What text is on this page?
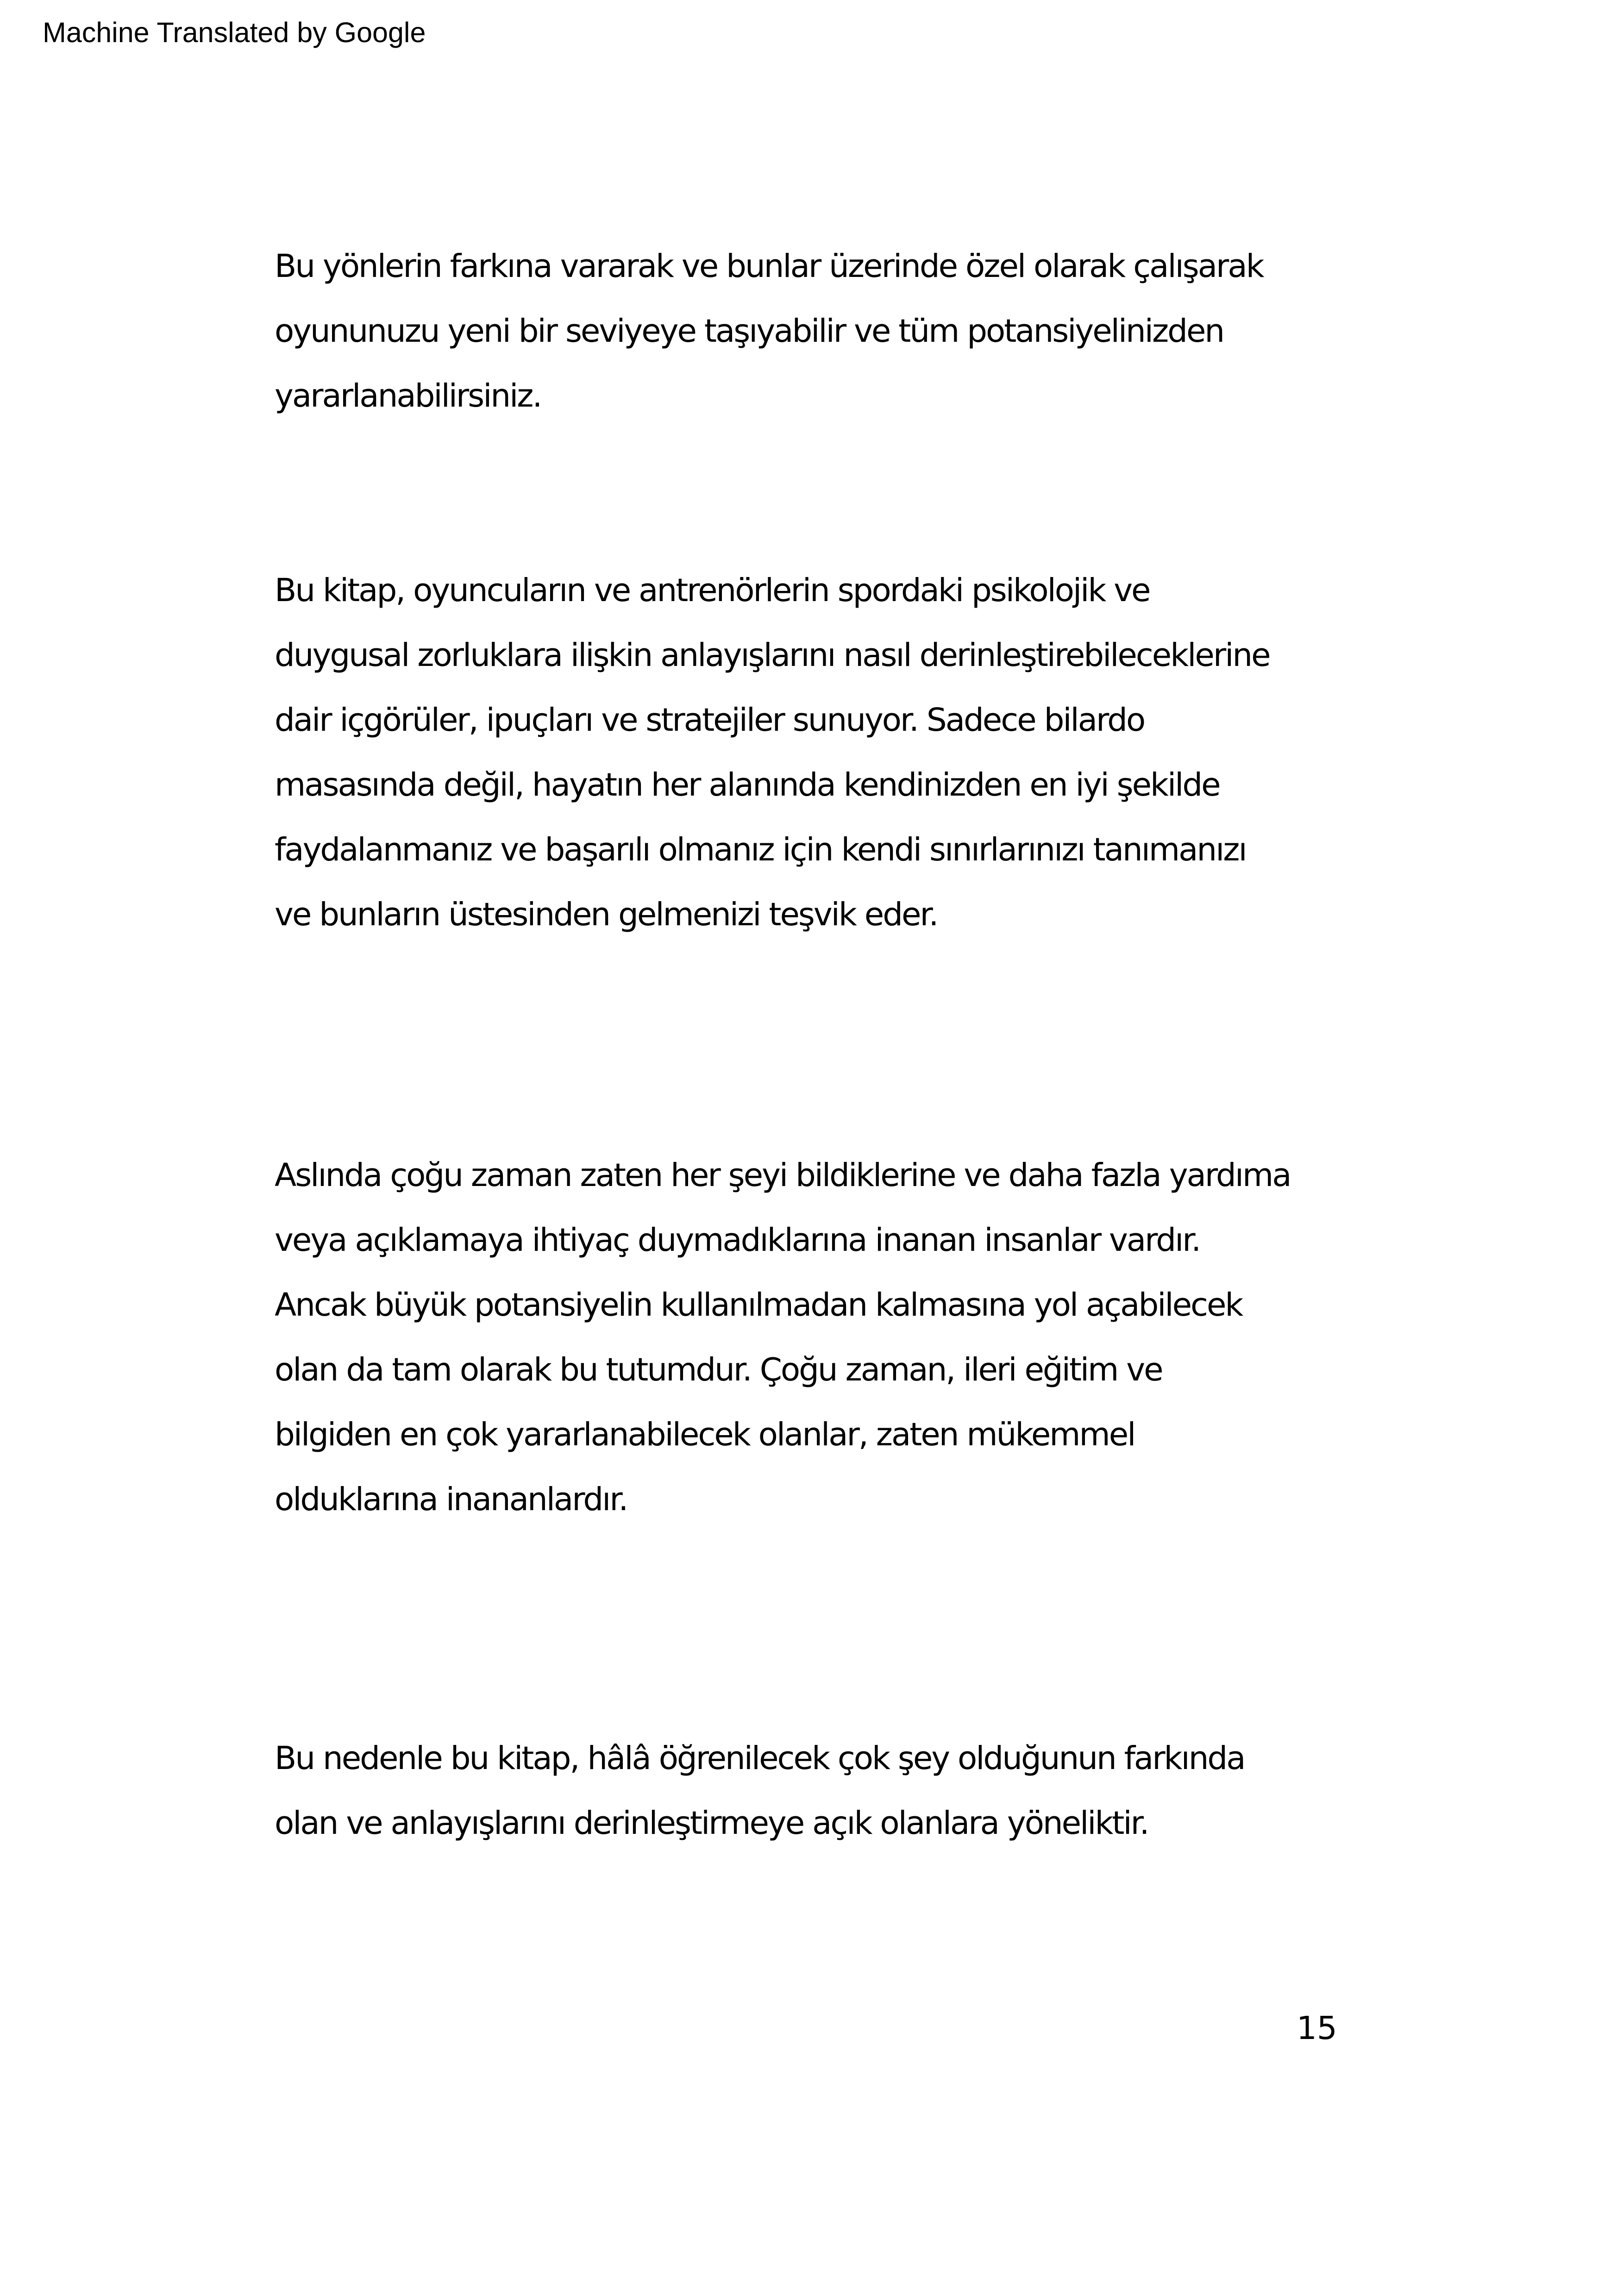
Machine Translated by Google

Bu yönlerin farkına vararak ve bunlar üzerinde özel olarak çalışarak
oyununuzu yeni bir seviyeye taşıyabilir ve tüm potansiyelinizden
yararlanabilirsiniz.

Bu kitap, oyuncuların ve antrenörlerin spordaki psikolojik ve
duygusal zorluklara ilişkin anlayışlarını nasıl derinleştirebileceklerine
dair içgörüler, ipuçları ve stratejiler sunuyor. Sadece bilardo
masasında değil, hayatın her alanında kendinizden en iyi şekilde
faydalanmanız ve başarılı olmanız için kendi sınırlarınızı tanımanızı
ve bunların üstesinden gelmenizi teşvik eder.

Aslında çoğu zaman zaten her şeyi bildiklerine ve daha fazla yardıma
veya açıklamaya ihtiyaç duymadıklarına inanan insanlar vardır.
Ancak büyük potansiyelin kullanılmadan kalmasına yol açabilecek
olan da tam olarak bu tutumdur. Çoğu zaman, ileri eğitim ve
bilgiden en çok yararlanabilecek olanlar, zaten mükemmel
olduklarına inananlardır.

Bu nedenle bu kitap, hâlâ öğrenilecek çok şey olduğunun farkında
olan ve anlayışlarını derinleştirmeye açık olanlara yöneliktir.

15
